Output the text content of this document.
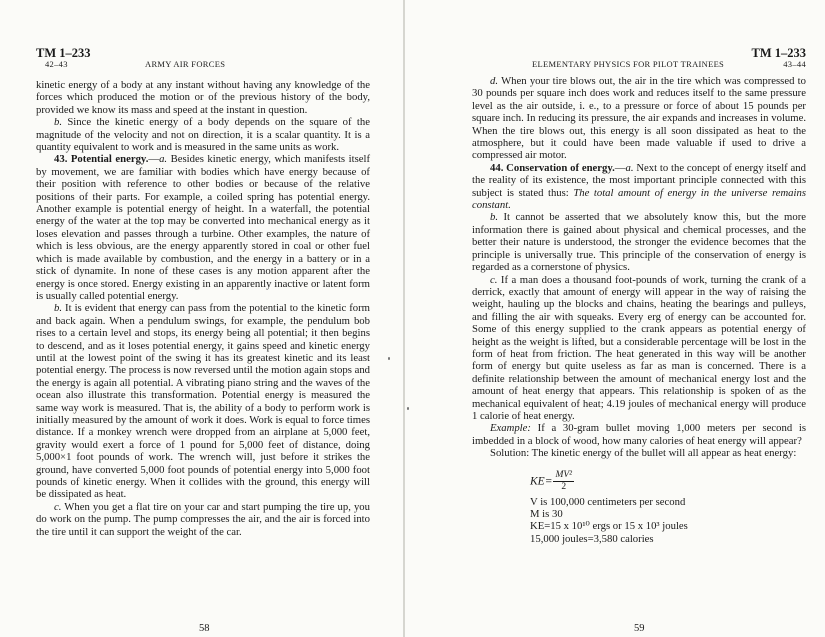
TM 1–233
42–43	ARMY AIR FORCES

kinetic energy of a body at any instant without having any knowledge of the forces which produced the motion or of the previous history of the body, provided we know its mass and speed at the instant in question.

b. Since the kinetic energy of a body depends on the square of the magnitude of the velocity and not on direction, it is a scalar quantity. It is a quantity equivalent to work and is measured in the same units as work.

43. Potential energy.—a. Besides kinetic energy, which manifests itself by movement, we are familiar with bodies which have energy because of their position with reference to other bodies or because of the relative positions of their parts. For example, a coiled spring has potential energy. Another example is potential energy of height. In a waterfall, the potential energy of the water at the top may be converted into mechanical energy as it loses elevation and passes through a turbine. Other examples, the nature of which is less obvious, are the energy apparently stored in coal or other fuel which is made available by combustion, and the energy in a battery or in a stick of dynamite. In none of these cases is any motion apparent after the energy is once stored. Energy existing in an apparently inactive or latent form is usually called potential energy.

b. It is evident that energy can pass from the potential to the kinetic form and back again. When a pendulum swings, for example, the pendulum bob rises to a certain level and stops, its energy being all potential; it then begins to descend, and as it loses potential energy, it gains speed and kinetic energy until at the lowest point of the swing it has its greatest kinetic and its least potential energy. The process is now reversed until the motion again stops and the energy is again all potential. A vibrating piano string and the waves of the ocean also illustrate this transformation. Potential energy is measured the same way work is measured. That is, the ability of a body to perform work is initially measured by the amount of work it does. Work is equal to force times distance. If a monkey wrench were dropped from an airplane at 5,000 feet, gravity would exert a force of 1 pound for 5,000 feet of distance, doing 5,000×1 foot pounds of work. The wrench will, just before it strikes the ground, have converted 5,000 foot pounds of potential energy into 5,000 foot pounds of kinetic energy. When it collides with the ground, this energy will be dissipated as heat.

c. When you get a flat tire on your car and start pumping the tire up, you do work on the pump. The pump compresses the air, and the air is forced into the tire until it can support the weight of the car.

58
TM 1–233
ELEMENTARY PHYSICS FOR PILOT TRAINEES	43–44

d. When your tire blows out, the air in the tire which was compressed to 30 pounds per square inch does work and reduces itself to the same pressure level as the air outside, i. e., to a pressure or force of about 15 pounds per square inch. In reducing its pressure, the air expands and increases in volume. When the tire blows out, this energy is all soon dissipated as heat to the atmosphere, but it could have been made valuable if used to drive a compressed air motor.

44. Conservation of energy.—a. Next to the concept of energy itself and the reality of its existence, the most important principle connected with this subject is stated thus: The total amount of energy in the universe remains constant.

b. It cannot be asserted that we absolutely know this, but the more information there is gained about physical and chemical processes, and the better their nature is understood, the stronger the evidence becomes that the principle is universally true. This principle of the conservation of energy is regarded as a cornerstone of physics.

c. If a man does a thousand foot-pounds of work, turning the crank of a derrick, exactly that amount of energy will appear in the way of raising the weight, hauling up the blocks and chains, heating the bearings and pulleys, and filling the air with squeaks. Every erg of energy can be accounted for. Some of this energy supplied to the crank appears as potential energy of height as the weight is lifted, but a considerable percentage will be lost in the form of heat from friction. The heat generated in this way will be another form of energy but quite useless as far as man is concerned. There is a definite relationship between the amount of mechanical energy lost and the amount of heat energy that appears. This relationship is spoken of as the mechanical equivalent of heat; 4.19 joules of mechanical energy will produce 1 calorie of heat energy.

Example: If a 30-gram bullet moving 1,000 meters per second is imbedded in a block of wood, how many calories of heat energy will appear?

Solution: The kinetic energy of the bullet will all appear as heat energy:

$KE= \frac{\text{MV²}}{2}$
V is 100,000 centimeters per second
M is 30
KE=15 x 10¹⁰ ergs or 15 x 10³ joules
15,000 joules=3,580 calories
59
